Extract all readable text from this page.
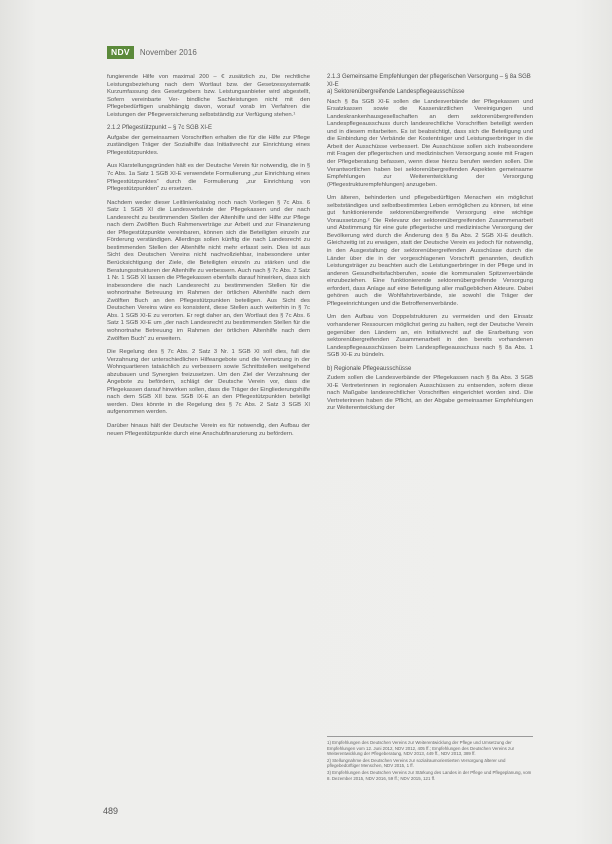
NDV	November 2016

fungierende Hilfe von maximal 200 – € zusätzlich zu, Die rechtliche Leistungsbeziehung nach dem Wortlaut bzw. der Gesetzessystematik Kurzumfassung des Gesetzgebers bzw. Leistungsanbieter wird abgestellt, Sofern vereinbarte Ver- bindliche Sachleistungen nicht mit den Pflegebedürftigen unabhängig davon, worauf vorab im Verfahren die Leistungen der Pflegeversicherung selbstständig zur Verfügung stehen.¹

2.1.2 Pflegestützpunkt – § 7c SGB XI-E

Aufgabe der gemeinsamen Vorschriften erhalten die für die Hilfe zur Pflege zuständigen Träger der Sozialhilfe das Initiativrecht zur Einrichtung eines Pflegestützpunktes.

Aus Klarstellungsgründen hält es der Deutsche Verein für notwendig, die in § 7c Abs. 1a Satz 1 SGB XI-E verwendete Formulierung „zur Einrichtung eines Pflegestützpunktes“ durch die Formulierung „zur Einrichtung von Pflegestützpunkten“ zu ersetzen.

Nachdem weder dieser Leitlinienkatalog noch nach Vorliegen § 7c Abs. 6 Satz 1 SGB XI die Landesverbände der Pflegekassen und der nach Landesrecht zu bestimmenden Stellen der Altenhilfe und der Hilfe zur Pflege nach dem Zwölften Buch Rahmenverträge zur Arbeit und zur Finanzierung der Pflegestützpunkte vereinbaren, können sich die Beteiligten einzeln zur Förderung verständigen. Allerdings sollen künftig die nach Landesrecht zu bestimmenden Stellen der Altenhilfe nicht mehr erfasst sein. Dies ist aus Sicht des Deutschen Vereins nicht nachvollziehbar, insbesondere unter Berücksichtigung der Ziele, die Beteiligten einzeln zu stärken und die Beratungsstrukturen der Altenhilfe zu verbessern. Auch nach § 7c Abs. 2 Satz 1 Nr. 1 SGB XI lassen die Pflegekassen ebenfalls darauf hinwirken, dass sich insbesondere die nach Landesrecht zu bestimmenden Stellen für die wohnortnahe Betreuung im Rahmen der örtlichen Altenhilfe nach dem Zwölften Buch an den Pflegestützpunkten beteiligen. Aus Sicht des Deutschen Vereins wäre es konsistent, diese Stellen auch weiterhin in § 7c Abs. 1 SGB XI-E zu verorten. Er regt daher an, den Wortlaut des § 7c Abs. 6 Satz 1 SGB XI-E um „der nach Landesrecht zu bestimmenden Stellen für die wohnortnahe Betreuung im Rahmen der örtlichen Altenhilfe nach dem Zwölften Buch“ zu erweitern.

Die Regelung des § 7c Abs. 2 Satz 3 Nr. 1 SGB XI soll dies, fall die Verzahnung der unterschiedlichen Hilfeangebote und die Vernetzung in der Wohnquartieren tatsächlich zu verbessern sowie Schnittstellen weitgehend abzubauen und Synergien freizusetzen. Um den Ziel der Verzahnung der Angebote zu befördern, schlägt der Deutsche Verein vor, dass die Pflegekassen darauf hinwirken sollen, dass die Träger der Eingliederungshilfe nach dem SGB XII bzw. SGB IX-E an den Pflegestützpunkten beteiligt werden. Dies könnte in die Regelung des § 7c Abs. 2 Satz 3 SGB XI aufgenommen werden.

Darüber hinaus hält der Deutsche Verein es für notwendig, den Aufbau der neuen Pflegestützpunkte durch eine Anschubfinanzierung zu befördern.

2.1.3 Gemeinsame Empfehlungen der pflegerischen Versorgung – § 8a SGB XI-E
a) Sektorenübergreifende Landespflegeausschüsse

Nach § 8a SGB XI-E sollen die Landesverbände der Pflegekassen und Ersatzkassen sowie die Kassenärztlichen Vereinigungen und Landeskrankenhausgesellschaften an dem sektorenübergreifenden Landespflegeausschuss durch landesrechtliche Vorschriften beteiligt werden und in diesem mitarbeiten. Es ist beabsichtigt, dass sich die Beteiligung und die Einbindung der Verbände der Kostenträger und Leistungserbringer in die Arbeit der Ausschüsse verbessert. Die Ausschüsse sollen sich insbesondere mit Fragen der pflegerischen und medizinischen Versorgung sowie mit Fragen der Pflegeberatung befassen, wenn diese hierzu berufen werden sollen. Die Verantwortlichen haben bei sektorenübergreifenden Aspekten gemeinsame Empfehlungen zur Weiterentwicklung der Versorgung (Pflegestrukturempfehlungen) anzugeben.

Um älteren, behinderten und pflegebedürftigen Menschen ein möglichst selbstständiges und selbstbestimmtes Leben ermöglichen zu können, ist eine gut funktionierende sektorenübergreifende Versorgung eine wichtige Voraussetzung.² Die Relevanz der sektorenübergreifenden Zusammenarbeit und Abstimmung für eine gute pflegerische und medizinische Versorgung der Bevölkerung wird durch die Änderung des § 8a Abs. 2 SGB XI-E deutlich. Gleichzeitig ist zu erwägen, statt der Deutsche Verein es jedoch für notwendig, in den Ausgestaltung der sektorenübergreifenden Ausschüsse durch die Länder über die in der vorgeschlagenen Vorschrift genannten, deutlich Leistungsträger zu beachten auch die Leistungserbringer in der Pflege und in anderen Gesundheitsfachberufen, sowie die kommunalen Spitzenverbände einzubeziehen. Eine funktionierende sektorenübergreifende Versorgung erfordert, dass Anlage auf eine Beteiligung aller maßgeblichen Akteure. Dabei gehören auch die Wohlfahrtsverbände, sie sowohl die Träger der Pflegeeinrichtungen und die Betroffenenverbände.

Um den Aufbau von Doppelstrukturen zu vermeiden und den Einsatz vorhandener Ressourcen möglichst gering zu halten, regt der Deutsche Verein gegenüber den Ländern an, ein Initiativrecht auf die Erarbeitung von sektorenübergreifenden Zusammenarbeit in den bereits vorhandenen Landespflegeausschüssen beim Landespflegeausschuss nach § 8a Abs. 1 SGB XI-E zu bündeln.

b) Regionale Pflegeausschüsse

Zudem sollen die Landesverbände der Pflegekassen nach § 8a Abs. 3 SGB XI-E Vertreterinnen in regionalen Ausschüssen zu entsenden, sofern diese nach Maßgabe landesrechtlicher Vorschriften eingerichtet worden sind. Die Vertreterinnen haben die Pflicht, an der Abgabe gemeinsamer Empfehlungen zur Weiterentwicklung der

1) Empfehlungen des Deutschen Vereins zur Weiterentwicklung der Pflege und Umsetzung der Empfehlungen vom 12. Juni 2012, NDV 2012, 405 ff.; Empfehlungen des Deutschen Vereins zur Weiterentwicklung der Pflegeberatung, NDV 2013, 449 ff., NDV 2013, 389 ff.
2) Stellungnahme des Deutschen Vereins zur sozialraumorientierten Versorgung älterer und pflegebedürftiger Menschen, NDV 2015, 1 ff.
3) Empfehlungen des Deutschen Vereins zur Stärkung des Landes in der Pflege und Pflegeplanung, vom 8. Dezember 2015, NDV 2016, 59 ff.; NDV 2015, 121 ff.
489
